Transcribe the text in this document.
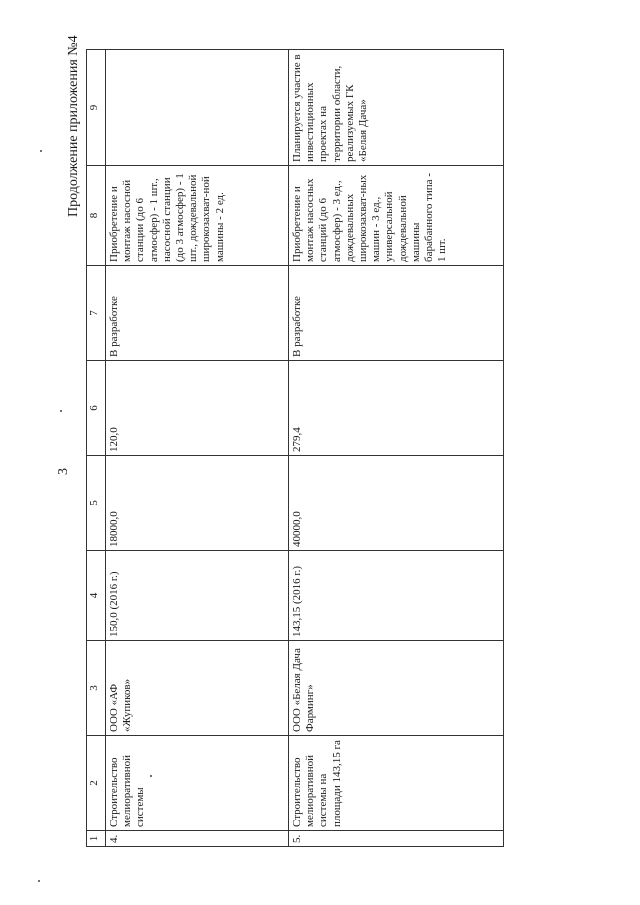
3
Продолжение приложения №4
1	2	3	4	5	6	7	8	9
4.	Строительство мелиоративной системы	ООО «АФ «Жупиков»	150,0 (2016 г.)	18000,0	120,0	В разработке	Приобретение и монтаж насосной станции (до 6 атмосфер) - 1 шт., насосной станции (до 3 атмосфер) - 1 шт., дождевальной широкозахват-ной машины - 2 ед.	
5.	Строительство мелиоративной системы на площади 143,15 га	ООО «Белая Дача Фарминг»	143,15 (2016 г.)	40000,0	279,4	В разработке	Приобретение и монтаж насосных станций (до 6 атмосфер) - 3 ед., дождевальных широкозахват-ных машин - 3 ед., универсальной дождевальной машины барабанного типа - 1 шт.	Планируется участие в инвестиционных проектах на территории области, реализуемых ГК «Белая Дача»
